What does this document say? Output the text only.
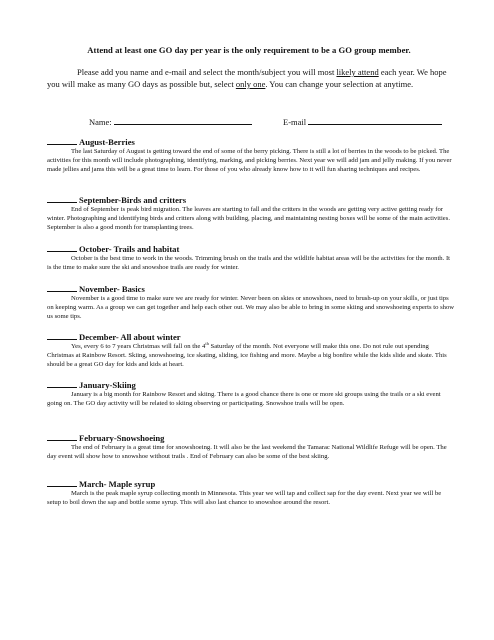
Attend at least one GO day per year is the only requirement to be a GO group member.

Please add you name and e-mail and select the month/subject you will most likely attend each year. We hope you will make as many GO days as possible but, select only one. You can change your selection at anytime.

Name:	E-mail
August-Berries

The last Saturday of August is getting toward the end of some of the berry picking. There is still a lot of berries in the woods to be picked. The activities for this month will include photographing, identifying, marking, and picking berries. Next year we will add jam and jelly making. If you never made jellies and jams this will be a great time to learn. For those of you who already know how to it will fun sharing techniques and recipes.

September-Birds and critters

End of September is peak bird migration. The leaves are starting to fall and the critters in the woods are getting very active getting ready for winter. Photographing and identifying birds and critters along with building, placing, and maintaining nesting boxes will be some of the main activities. September is also a good month for transplanting trees.

October- Trails and habitat

October is the best time to work in the woods. Trimming brush on the trails and the wildlife habitat areas will be the activities for the month. It is the time to make sure the ski and snowshoe trails are ready for winter.

November- Basics

November is a good time to make sure we are ready for winter. Never been on skies or snowshoes, need to brush-up on your skills, or just tips on keeping warm. As a group we can get together and help each other out. We may also be able to bring in some skiing and snowshoeing experts to show us some tips.

December- All about winter

Yes, every 6 to 7 years Christmas will fall on the 4th Saturday of the month. Not everyone will make this one. Do not rule out spending Christmas at Rainbow Resort. Skiing, snowshoeing, ice skating, sliding, ice fishing and more. Maybe a big bonfire while the kids slide and skate. This should be a great GO day for kids and kids at heart.

January-Skiing

January is a big month for Rainbow Resort and skiing. There is a good chance there is one or more ski groups using the trails or a ski event going on. The GO day activity will be related to skiing observing or participating. Snowshoe trails will be open.

February-Snowshoeing

The end of February is a great time for snowshoeing. It will also be the last weekend the Tamarac National Wildlife Refuge will be open. The day event will show how to snowshoe without trails . End of February can also be some of the best skiing.

March- Maple syrup

March is the peak maple syrup collecting month in Minnesota. This year we will tap and collect sap for the day event. Next year we will be setup to boil down the sap and bottle some syrup. This will also last chance to snowshoe around the resort.
